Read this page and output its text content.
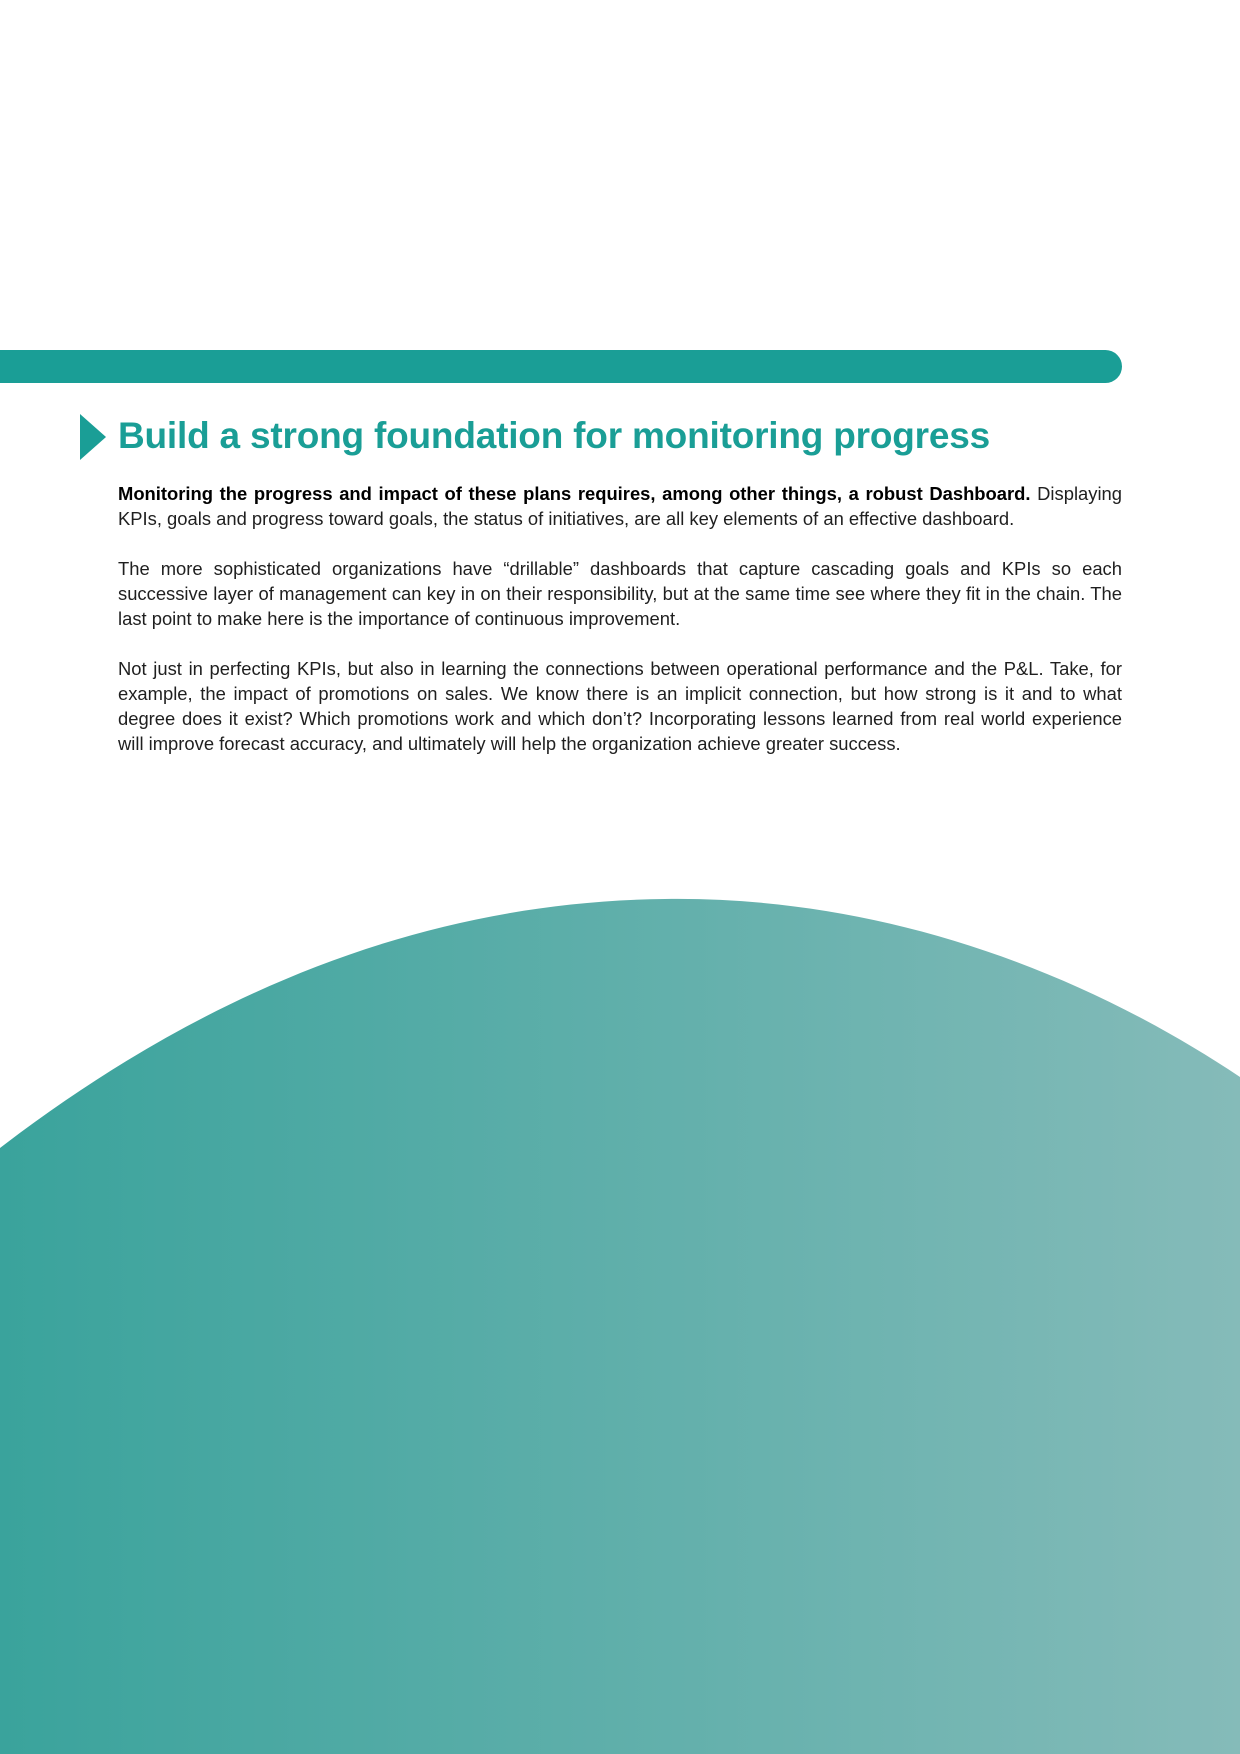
Build a strong foundation for monitoring progress

Monitoring the progress and impact of these plans requires, among other things, a robust Dashboard. Displaying KPIs, goals and progress toward goals, the status of initiatives, are all key elements of an effective dashboard.

The more sophisticated organizations have “drillable” dashboards that capture cascading goals and KPIs so each successive layer of management can key in on their responsibility, but at the same time see where they fit in the chain. The last point to make here is the importance of continuous improvement.

Not just in perfecting KPIs, but also in learning the connections between operational performance and the P&L. Take, for example, the impact of promotions on sales. We know there is an implicit connection, but how strong is it and to what degree does it exist? Which promotions work and which don’t? Incorporating lessons learned from real world experience will improve forecast accuracy, and ultimately will help the organization achieve greater success.
